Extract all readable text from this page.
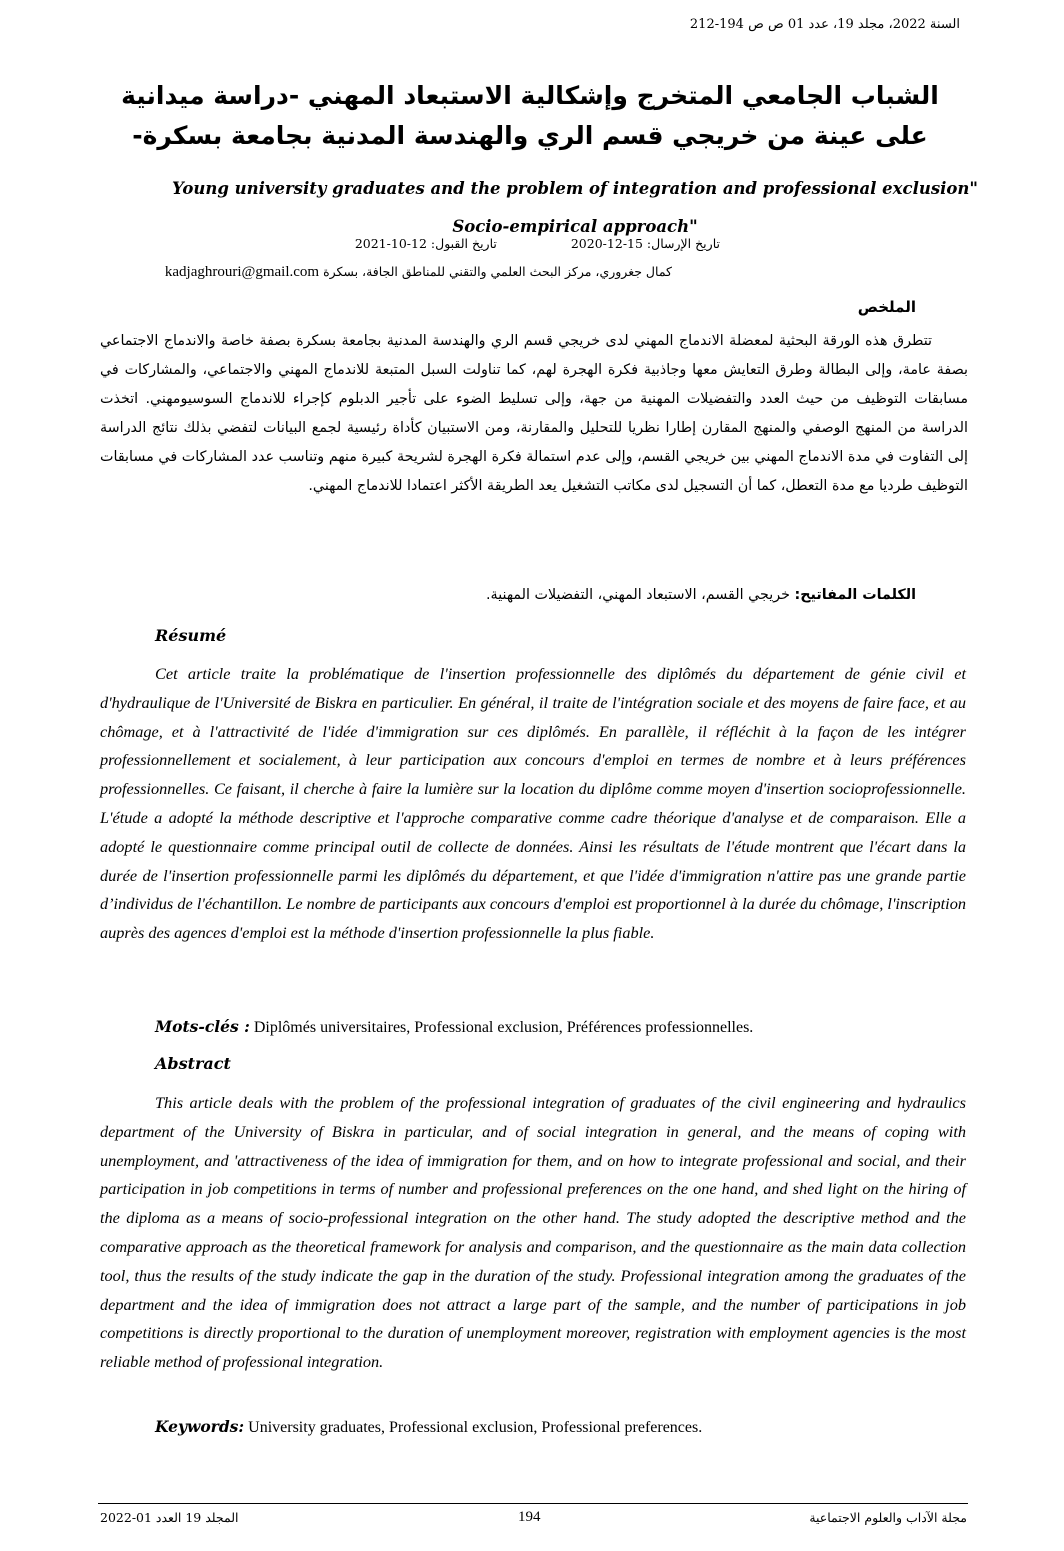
السنة 2022، مجلد 19، عدد 01 ص ص 194-212
الشباب الجامعي المتخرج وإشكالية الاستبعاد المهني -دراسة ميدانية على عينة من خريجي قسم الري والهندسة المدنية بجامعة بسكرة-
Young university graduates and the problem of integration and professional exclusion" Socio-empirical approach"
تاريخ الإرسال: 15-12-2020 تاريخ القبول: 12-10-2021
كمال جغروري، مركز البحث العلمي والتقني للمناطق الجافة، بسكرة kadjaghrouri@gmail.com
الملخص
تتطرق هذه الورقة البحثية لمعضلة الاندماج المهني لدى خريجي قسم الري والهندسة المدنية بجامعة بسكرة بصفة خاصة والاندماج الاجتماعي بصفة عامة، وإلى البطالة وطرق التعايش معها وجاذبية فكرة الهجرة لهم، كما تناولت السبل المتبعة للاندماج المهني والاجتماعي، والمشاركات في مسابقات التوظيف من حيث العدد والتفضيلات المهنية من جهة، وإلى تسليط الضوء على تأجير الدبلوم كإجراء للاندماج السوسيومهني. اتخذت الدراسة من المنهج الوصفي والمنهج المقارن إطارا نظريا للتحليل والمقارنة، ومن الاستبيان كأداة رئيسية لجمع البيانات لتفضي بذلك نتائج الدراسة إلى التفاوت في مدة الاندماج المهني بين خريجي القسم، وإلى عدم استمالة فكرة الهجرة لشريحة كبيرة منهم وتناسب عدد المشاركات في مسابقات التوظيف طرديا مع مدة التعطل، كما أن التسجيل لدى مكاتب التشغيل يعد الطريقة الأكثر اعتمادا للاندماج المهني.
الكلمات المفاتيح: خريجي القسم، الاستبعاد المهني، التفضيلات المهنية.
Résumé
Cet article traite la problématique de l'insertion professionnelle des diplômés du département de génie civil et d'hydraulique de l'Université de Biskra en particulier. En général, il traite de l'intégration sociale et des moyens de faire face, et au chômage, et à l'attractivité de l'idée d'immigration sur ces diplômés. En parallèle, il réfléchit à la façon de les intégrer professionnellement et socialement, à leur participation aux concours d'emploi en termes de nombre et à leurs préférences professionnelles. Ce faisant, il cherche à faire la lumière sur la location du diplôme comme moyen d'insertion socioprofessionnelle. L'étude a adopté la méthode descriptive et l'approche comparative comme cadre théorique d'analyse et de comparaison. Elle a adopté le questionnaire comme principal outil de collecte de données. Ainsi les résultats de l'étude montrent que l'écart dans la durée de l'insertion professionnelle parmi les diplômés du département, et que l'idée d'immigration n'attire pas une grande partie d’individus de l'échantillon. Le nombre de participants aux concours d'emploi est proportionnel à la durée du chômage, l'inscription auprès des agences d'emploi est la méthode d'insertion professionnelle la plus fiable.
Mots-clés : Diplômés universitaires, Professional exclusion, Préférences professionnelles.
Abstract
This article deals with the problem of the professional integration of graduates of the civil engineering and hydraulics department of the University of Biskra in particular, and of social integration in general, and the means of coping with unemployment, and 'attractiveness of the idea of immigration for them, and on how to integrate professional and social, and their participation in job competitions in terms of number and professional preferences on the one hand, and shed light on the hiring of the diploma as a means of socio-professional integration on the other hand. The study adopted the descriptive method and the comparative approach as the theoretical framework for analysis and comparison, and the questionnaire as the main data collection tool, thus the results of the study indicate the gap in the duration of the study. Professional integration among the graduates of the department and the idea of immigration does not attract a large part of the sample, and the number of participations in job competitions is directly proportional to the duration of unemployment moreover, registration with employment agencies is the most reliable method of professional integration.
Keywords: University graduates, Professional exclusion, Professional preferences.
المجلد 19 العدد 01-2022	194	مجلة الآداب والعلوم الاجتماعية
